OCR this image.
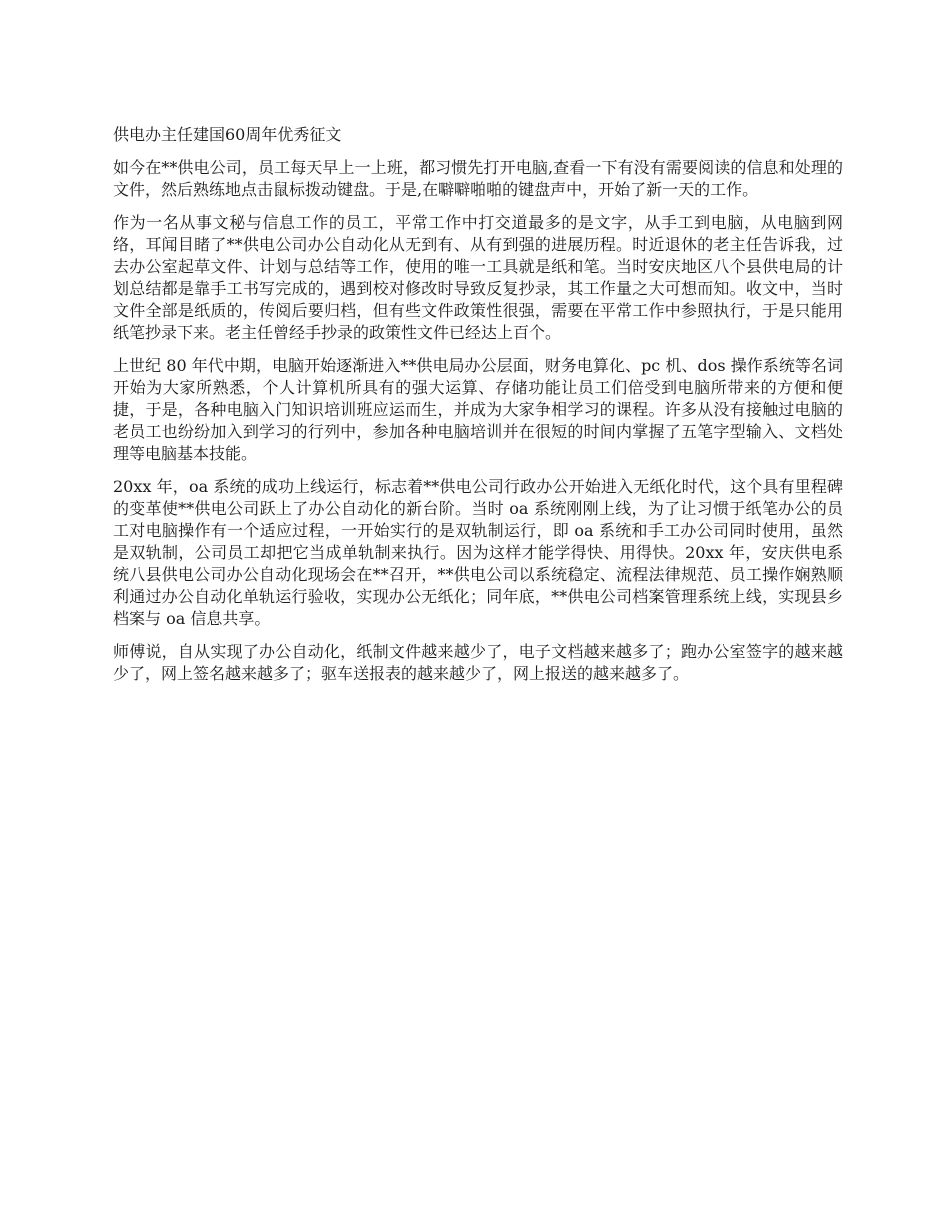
供电办主任建国60周年优秀征文

如今在**供电公司，员工每天早上一上班，都习惯先打开电脑,查看一下有没有需要阅读的信息和处理的文件，然后熟练地点击鼠标拨动键盘。于是,在噼噼啪啪的键盘声中，开始了新一天的工作。

作为一名从事文秘与信息工作的员工，平常工作中打交道最多的是文字，从手工到电脑，从电脑到网络，耳闻目睹了**供电公司办公自动化从无到有、从有到强的进展历程。时近退休的老主任告诉我，过去办公室起草文件、计划与总结等工作，使用的唯一工具就是纸和笔。当时安庆地区八个县供电局的计划总结都是靠手工书写完成的，遇到校对修改时导致反复抄录，其工作量之大可想而知。收文中，当时文件全部是纸质的，传阅后要归档，但有些文件政策性很强，需要在平常工作中参照执行，于是只能用纸笔抄录下来。老主任曾经手抄录的政策性文件已经达上百个。

上世纪 80 年代中期，电脑开始逐渐进入**供电局办公层面，财务电算化、pc 机、dos 操作系统等名词开始为大家所熟悉，个人计算机所具有的强大运算、存储功能让员工们倍受到电脑所带来的方便和便捷，于是，各种电脑入门知识培训班应运而生，并成为大家争相学习的课程。许多从没有接触过电脑的老员工也纷纷加入到学习的行列中，参加各种电脑培训并在很短的时间内掌握了五笔字型输入、文档处理等电脑基本技能。

20xx 年，oa 系统的成功上线运行，标志着**供电公司行政办公开始进入无纸化时代，这个具有里程碑的变革使**供电公司跃上了办公自动化的新台阶。当时 oa 系统刚刚上线，为了让习惯于纸笔办公的员工对电脑操作有一个适应过程，一开始实行的是双轨制运行，即 oa 系统和手工办公司同时使用，虽然是双轨制，公司员工却把它当成单轨制来执行。因为这样才能学得快、用得快。20xx 年，安庆供电系统八县供电公司办公自动化现场会在**召开，**供电公司以系统稳定、流程法律规范、员工操作娴熟顺利通过办公自动化单轨运行验收，实现办公无纸化；同年底，**供电公司档案管理系统上线，实现县乡档案与 oa 信息共享。

师傅说，自从实现了办公自动化，纸制文件越来越少了，电子文档越来越多了；跑办公室签字的越来越少了，网上签名越来越多了；驱车送报表的越来越少了，网上报送的越来越多了。
